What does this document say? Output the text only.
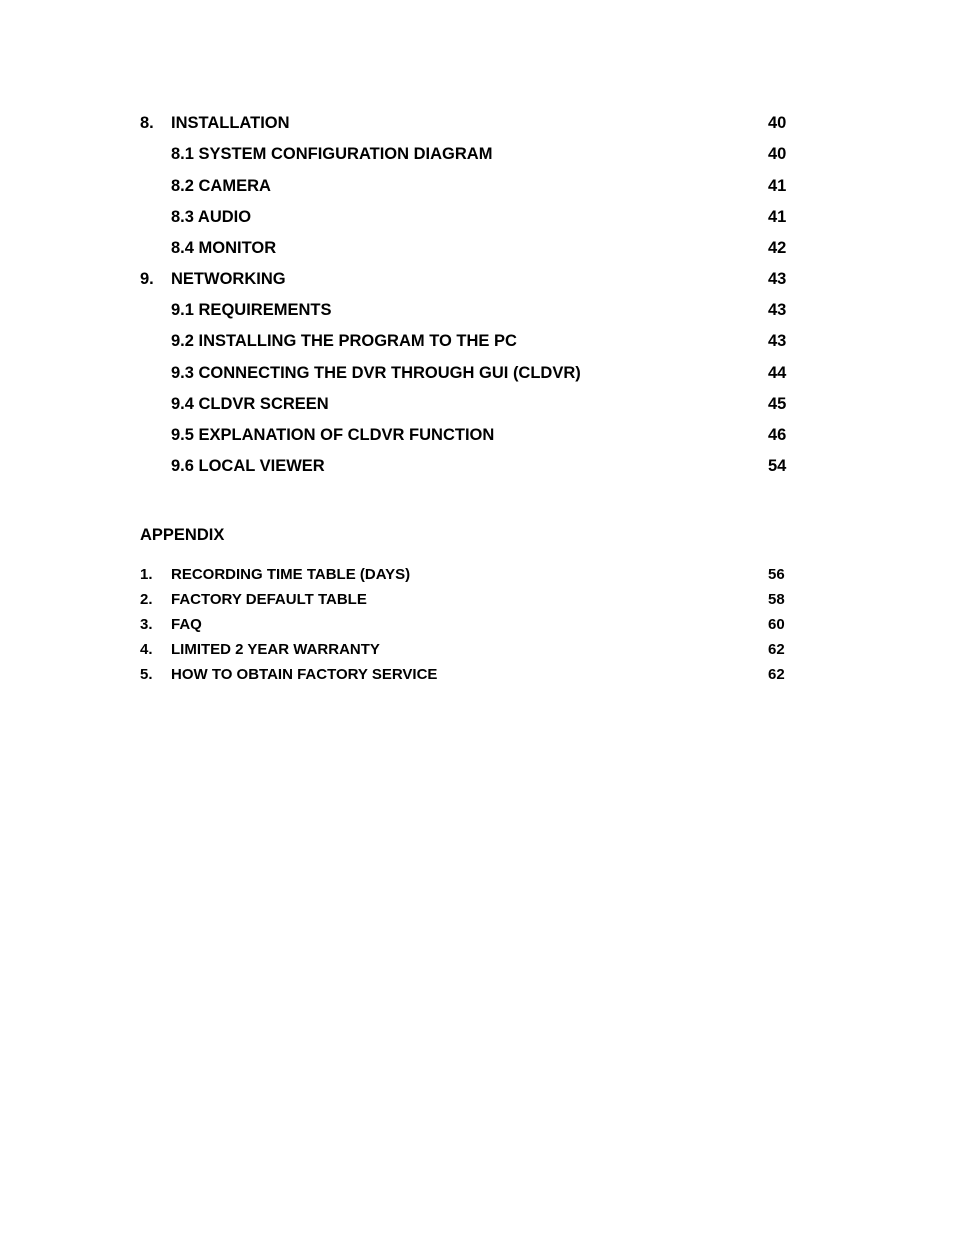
8. INSTALLATION	40
8.1 SYSTEM CONFIGURATION DIAGRAM	40
8.2 CAMERA	41
8.3 AUDIO	41
8.4 MONITOR	42
9. NETWORKING	43
9.1 REQUIREMENTS	43
9.2 INSTALLING THE PROGRAM TO THE PC	43
9.3 CONNECTING THE DVR THROUGH GUI (CLDVR)	44
9.4 CLDVR SCREEN	45
9.5 EXPLANATION OF CLDVR FUNCTION	46
9.6 LOCAL VIEWER	54
APPENDIX
1. RECORDING TIME TABLE (DAYS)	56
2. FACTORY DEFAULT TABLE	58
3. FAQ	60
4. LIMITED 2 YEAR WARRANTY	62
5. HOW TO OBTAIN FACTORY SERVICE	62
